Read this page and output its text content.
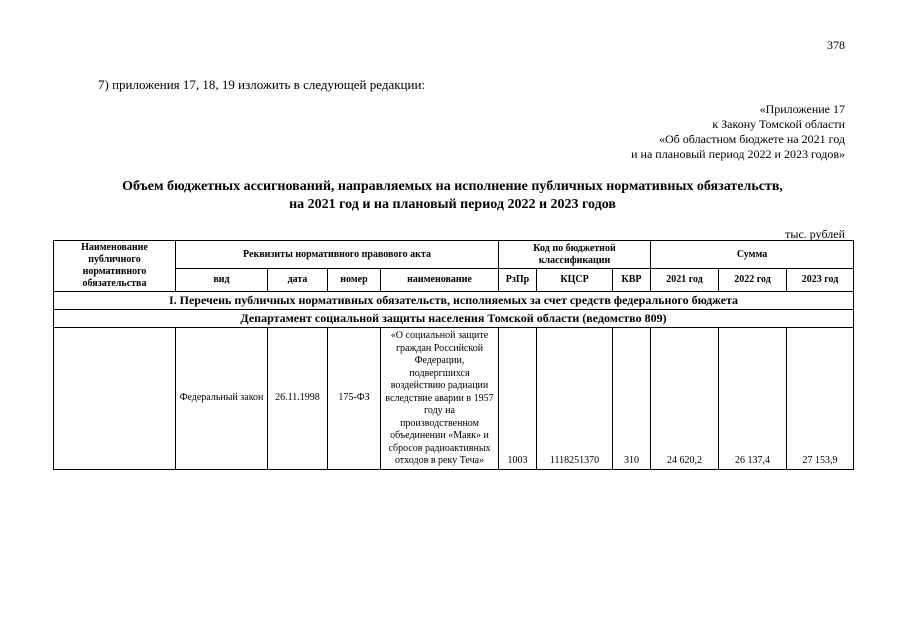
378
7) приложения 17, 18, 19 изложить в следующей редакции:
«Приложение 17
к Закону Томской области
«Об областном бюджете на 2021 год
и на плановый период 2022 и 2023 годов»
Объем бюджетных ассигнований, направляемых на исполнение публичных нормативных обязательств,
на 2021 год и на плановый период 2022 и 2023 годов
тыс. рублей
Наименование публичного нормативного обязательства	Реквизиты нормативного правового акта				Код по бюджетной классификации			Сумма		
	вид	дата	номер	наименование	РзПр	КЦСР	КВР	2021 год	2022 год	2023 год
I. Перечень публичных нормативных обязательств, исполняемых за счет средств федерального бюджета										
Департамент социальной защиты населения Томской области (ведомство 809)										
	Федеральный закон	26.11.1998	175-ФЗ	«О социальной защите граждан Российской Федерации, подвергшихся воздействию радиации вследствие аварии в 1957 году на производственном объединении «Маяк» и сбросов радиоактивных отходов в реку Теча»	1003	1118251370	310	24 620,2	26 137,4	27 153,9
